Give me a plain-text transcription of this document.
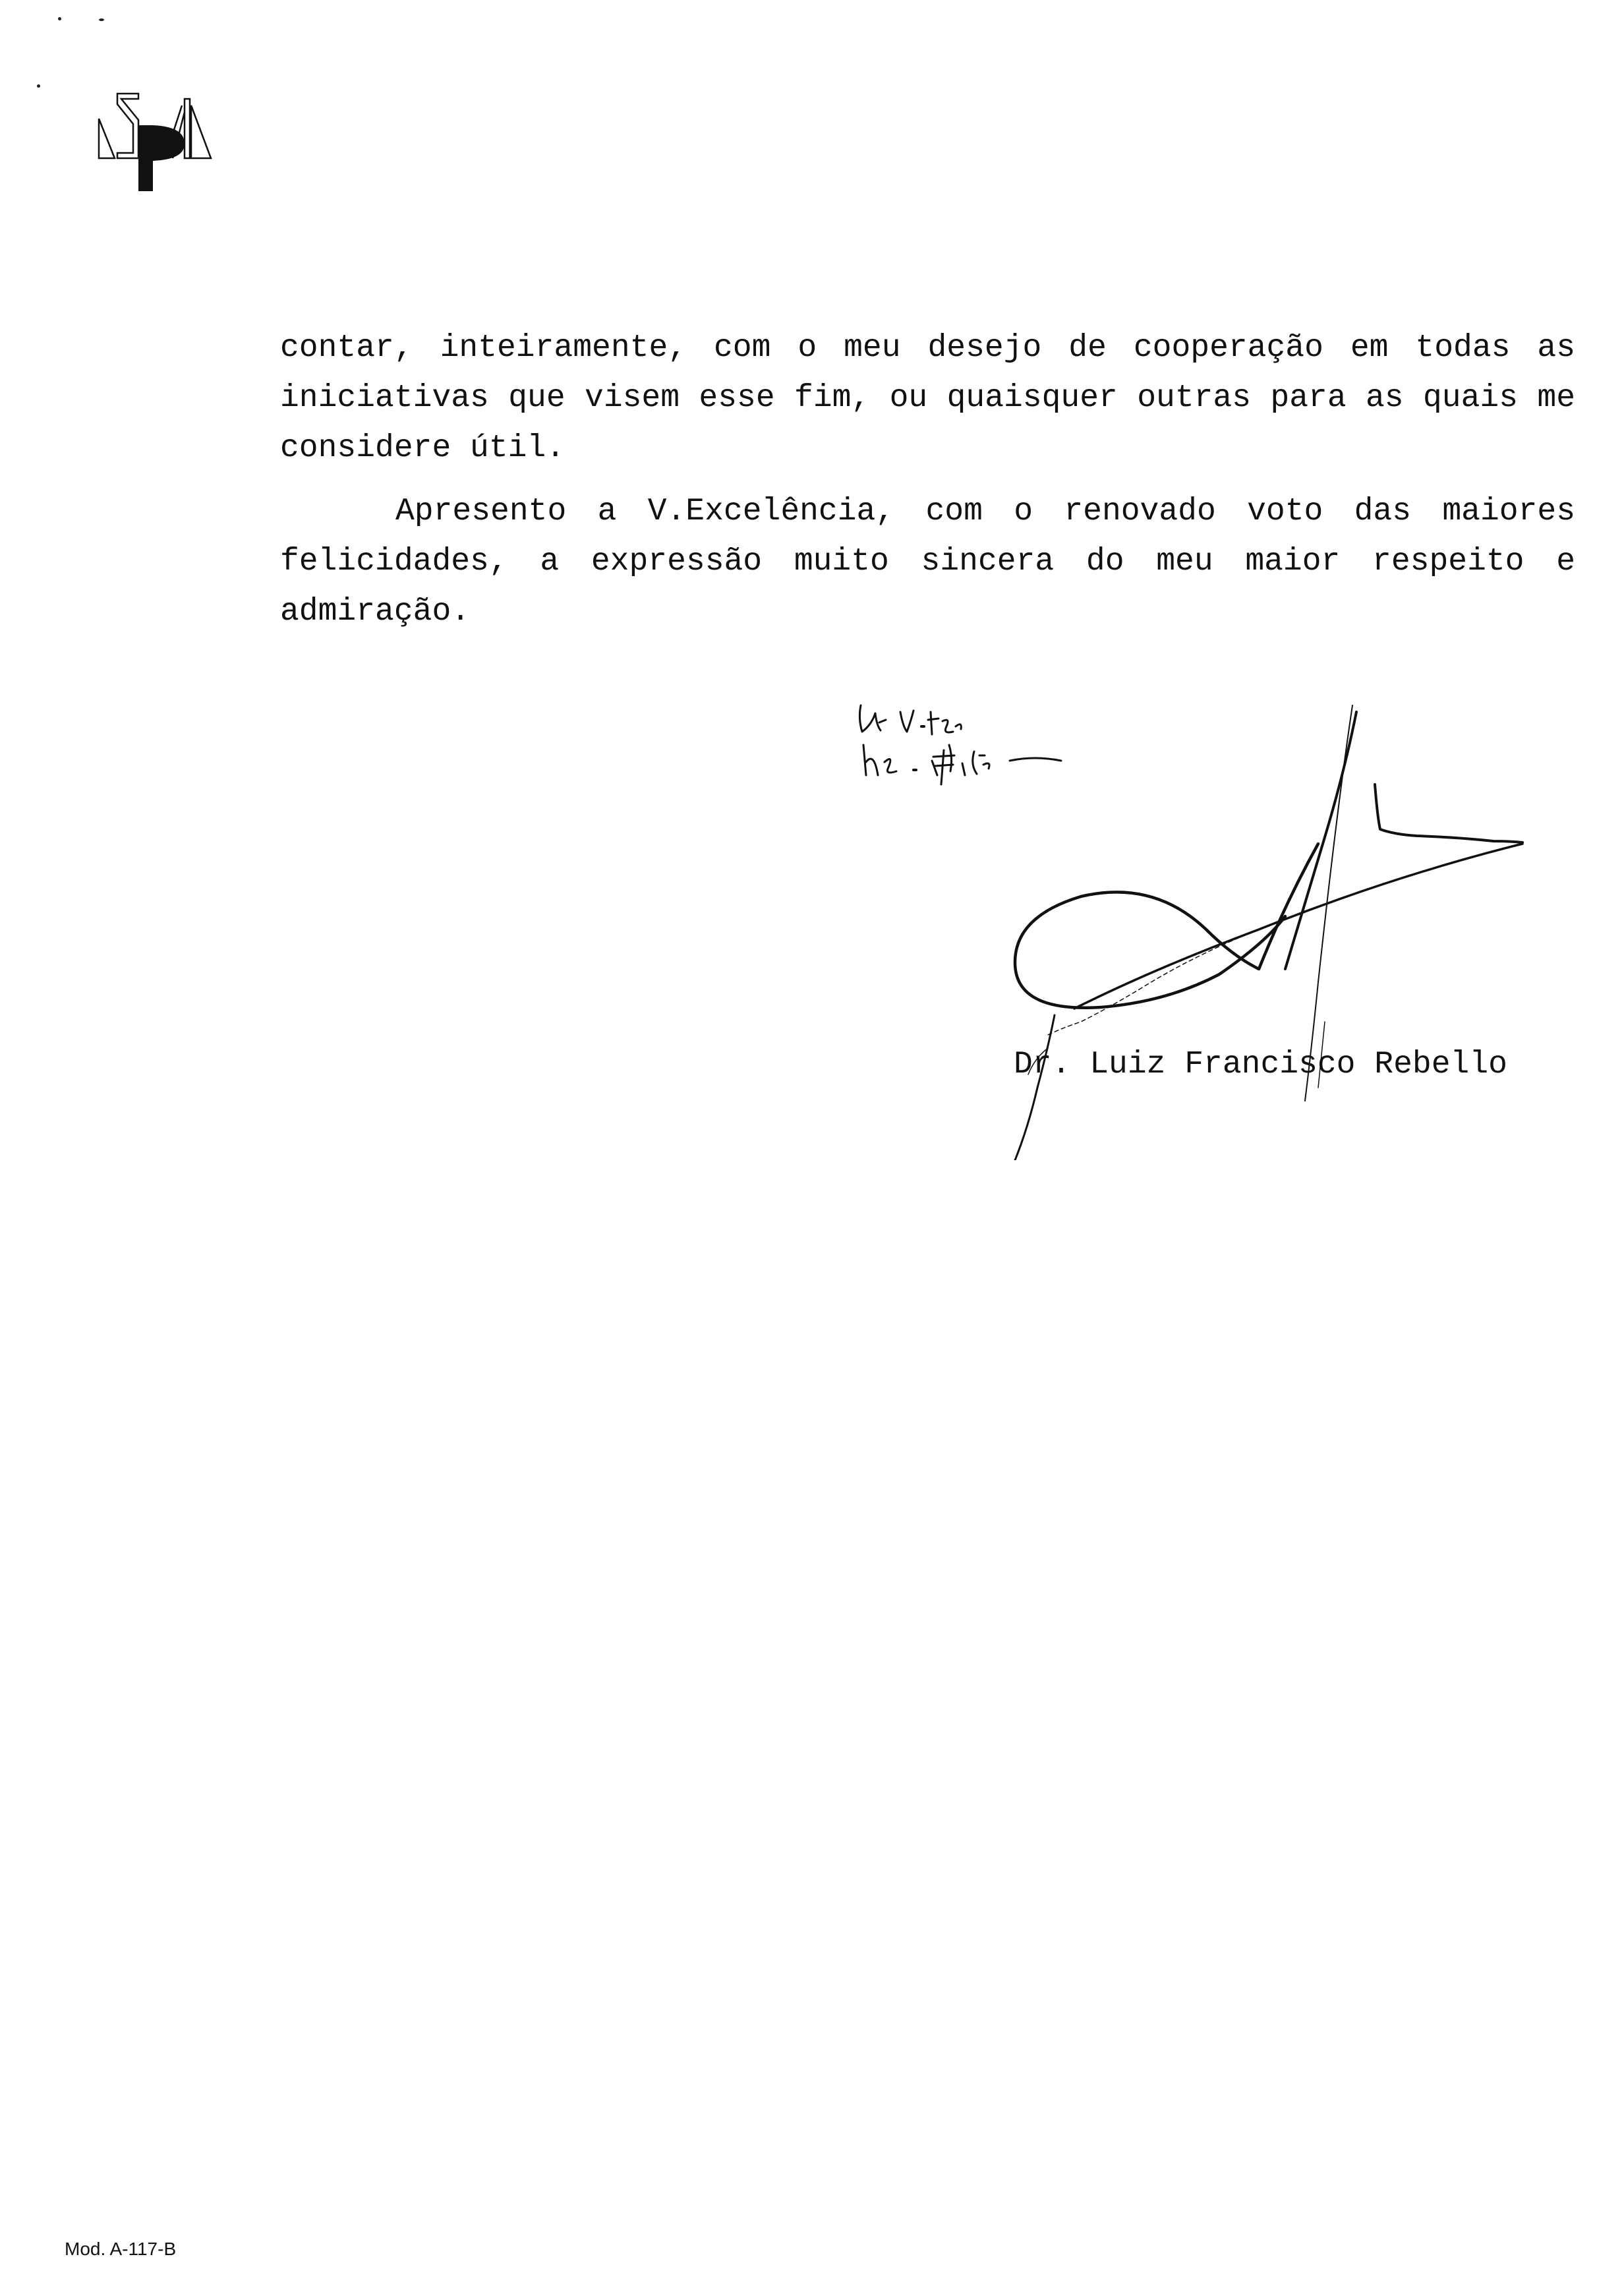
contar, inteiramente, com o meu desejo de cooperação em todas as iniciativas que visem esse fim, ou quaisquer outras para as quais me considere útil.

Apresento a V.Excelência, com o renovado voto das maiores felicidades, a expressão muito sincera do meu maior respeito e admiração.

Dr. Luiz Francisco Rebello
Mod. A-117-B
